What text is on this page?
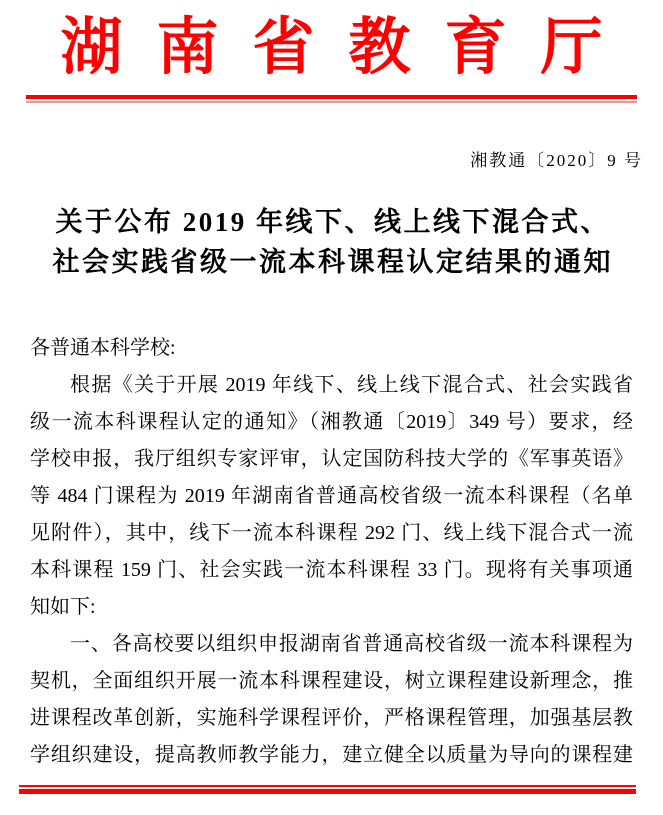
湖南省教育厅
湘教通〔2020〕9 号
关于公布 2019 年线下、线上线下混合式、
社会实践省级一流本科课程认定结果的通知
各普通本科学校:
根据《关于开展 2019 年线下、线上线下混合式、社会实践省
级一流本科课程认定的通知》（湘教通〔2019〕349 号）要求，经
学校申报，我厅组织专家评审，认定国防科技大学的《军事英语》
等 484 门课程为 2019 年湖南省普通高校省级一流本科课程（名单
见附件），其中，线下一流本科课程 292 门、线上线下混合式一流
本科课程 159 门、社会实践一流本科课程 33 门。现将有关事项通
知如下:
一、各高校要以组织申报湖南省普通高校省级一流本科课程为
契机，全面组织开展一流本科课程建设，树立课程建设新理念，推
进课程改革创新，实施科学课程评价，严格课程管理，加强基层教
学组织建设，提高教师教学能力，建立健全以质量为导向的课程建
